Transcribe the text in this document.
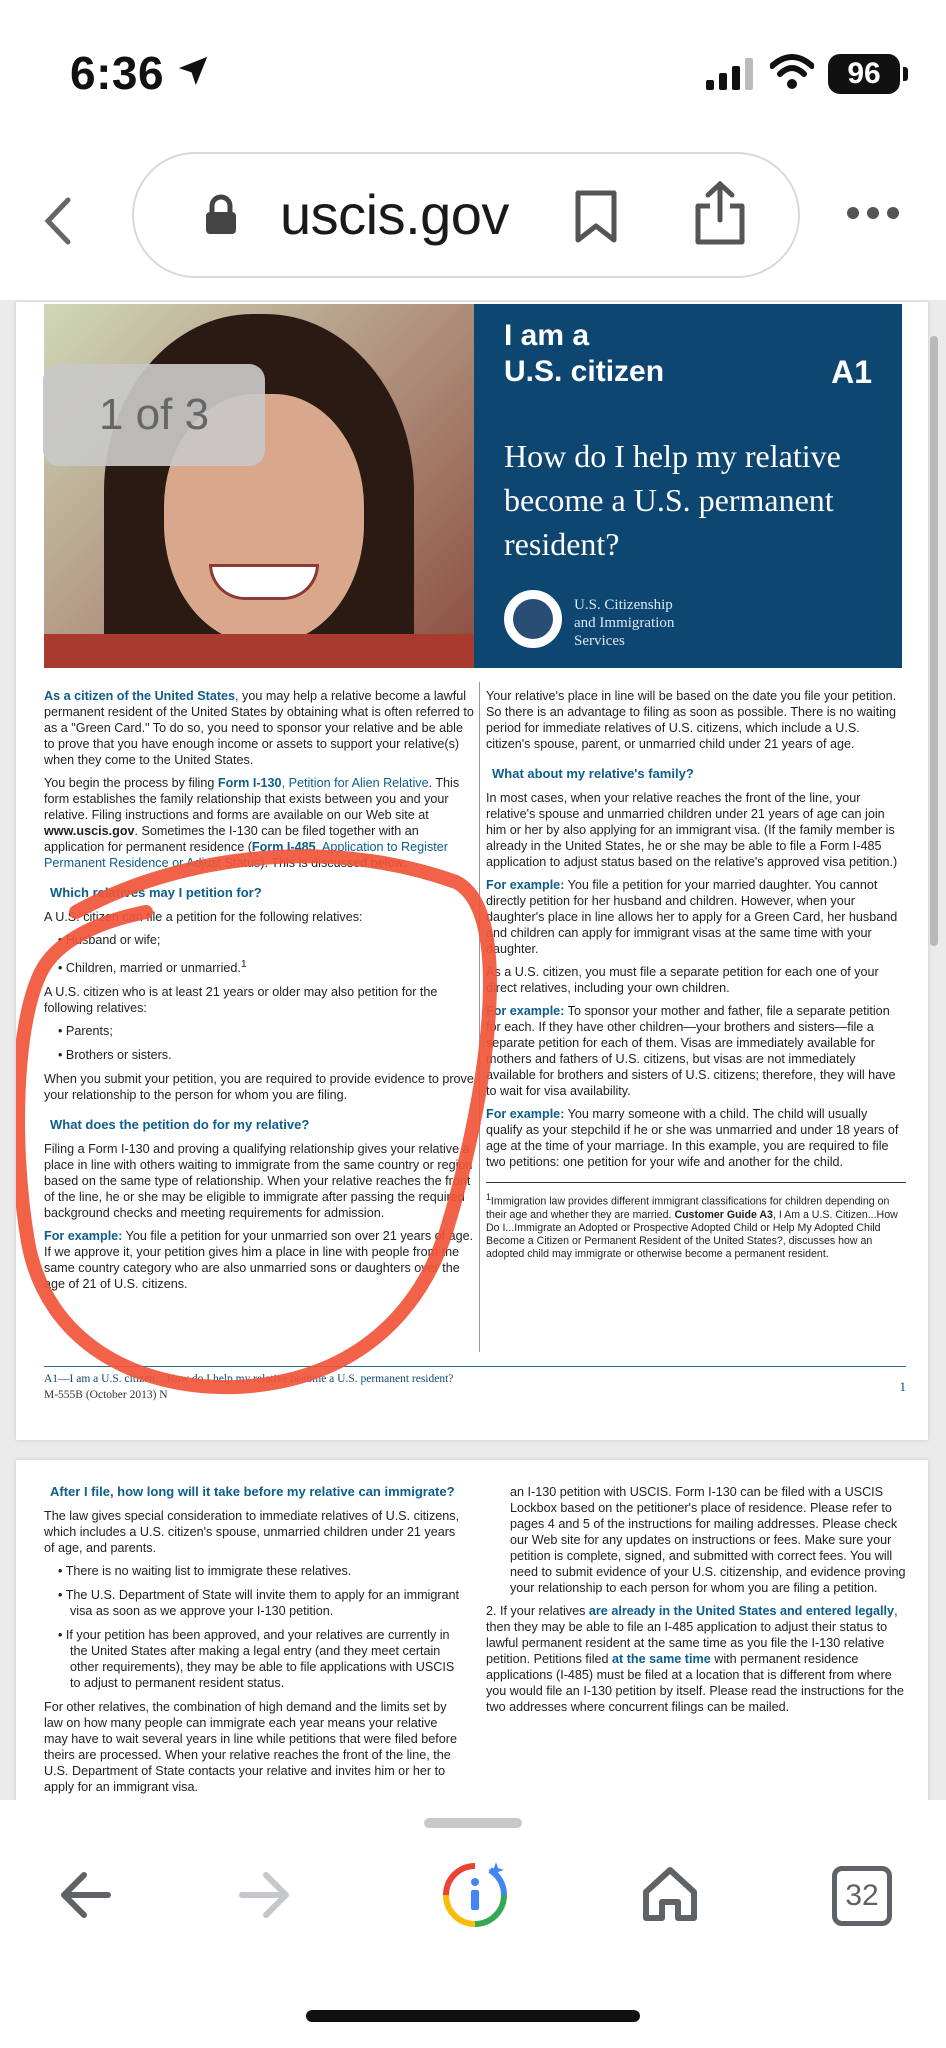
6:36	96
uscis.gov
I am a
U.S. citizen	A1
How do I help my relative become a U.S. permanent resident?
U.S. Citizenship
and Immigration
Services

As a citizen of the United States, you may help a relative become a lawful permanent resident of the United States by obtaining what is often referred to as a "Green Card." To do so, you need to sponsor your relative and be able to prove that you have enough income or assets to support your relative(s) when they come to the United States.

You begin the process by filing Form I-130, Petition for Alien Relative. This form establishes the family relationship that exists between you and your relative. Filing instructions and forms are available on our Web site at www.uscis.gov. Sometimes the I-130 can be filed together with an application for permanent residence (Form I-485, Application to Register Permanent Residence or Adjust Status). This is discussed below.

Which relatives may I petition for?

A U.S. citizen can file a petition for the following relatives:

• Husband or wife;
• Children, married or unmarried.$^1$

A U.S. citizen who is at least 21 years or older may also petition for the following relatives:

• Parents;
• Brothers or sisters.

When you submit your petition, you are required to provide evidence to prove your relationship to the person for whom you are filing.

What does the petition do for my relative?

Filing a Form I-130 and proving a qualifying relationship gives your relative a place in line with others waiting to immigrate from the same country or region based on the same type of relationship. When your relative reaches the front of the line, he or she may be eligible to immigrate after passing the required background checks and meeting requirements for admission.

For example: You file a petition for your unmarried son over 21 years of age. If we approve it, your petition gives him a place in line with people from the same country category who are also unmarried sons or daughters over the age of 21 of U.S. citizens.

Your relative's place in line will be based on the date you file your petition. So there is an advantage to filing as soon as possible. There is no waiting period for immediate relatives of U.S. citizens, which include a U.S. citizen's spouse, parent, or unmarried child under 21 years of age.

What about my relative's family?

In most cases, when your relative reaches the front of the line, your relative's spouse and unmarried children under 21 years of age can join him or her by also applying for an immigrant visa. (If the family member is already in the United States, he or she may be able to file a Form I-485 application to adjust status based on the relative's approved visa petition.)

For example: You file a petition for your married daughter. You cannot directly petition for her husband and children. However, when your daughter's place in line allows her to apply for a Green Card, her husband and children can apply for immigrant visas at the same time with your daughter.

As a U.S. citizen, you must file a separate petition for each one of your direct relatives, including your own children.

For example: To sponsor your mother and father, file a separate petition for each. If they have other children—your brothers and sisters—file a separate petition for each of them. Visas are immediately available for mothers and fathers of U.S. citizens, but visas are not immediately available for brothers and sisters of U.S. citizens; therefore, they will have to wait for visa availability.

For example: You marry someone with a child. The child will usually qualify as your stepchild if he or she was unmarried and under 18 years of age at the time of your marriage. In this example, you are required to file two petitions: one petition for your wife and another for the child.

$^1$Immigration law provides different immigrant classifications for children depending on their age and whether they are married. Customer Guide A3, I Am a U.S. Citizen...How Do I...Immigrate an Adopted or Prospective Adopted Child or Help My Adopted Child Become a Citizen or Permanent Resident of the United States?, discusses how an adopted child may immigrate or otherwise become a permanent resident.
A1—I am a U.S. citizen…How do I help my relative become a U.S. permanent resident?
M-555B (October 2013) N
1
After I file, how long will it take before my relative can immigrate?

The law gives special consideration to immediate relatives of U.S. citizens, which includes a U.S. citizen's spouse, unmarried children under 21 years of age, and parents.

• There is no waiting list to immigrate these relatives.
• The U.S. Department of State will invite them to apply for an immigrant visa as soon as we approve your I-130 petition.
• If your petition has been approved, and your relatives are currently in the United States after making a legal entry (and they meet certain other requirements), they may be able to file applications with USCIS to adjust to permanent resident status.

For other relatives, the combination of high demand and the limits set by law on how many people can immigrate each year means your relative may have to wait several years in line while petitions that were filed before theirs are processed. When your relative reaches the front of the line, the U.S. Department of State contacts your relative and invites him or her to apply for an immigrant visa.

an I-130 petition with USCIS. Form I-130 can be filed with a USCIS Lockbox based on the petitioner's place of residence. Please refer to pages 4 and 5 of the instructions for mailing addresses. Please check our Web site for any updates on instructions or fees. Make sure your petition is complete, signed, and submitted with correct fees. You will need to submit evidence of your U.S. citizenship, and evidence proving your relationship to each person for whom you are filing a petition.

2. If your relatives are already in the United States and entered legally, then they may be able to file an I-485 application to adjust their status to lawful permanent resident at the same time as you file the I-130 relative petition. Petitions filed at the same time with permanent residence applications (I-485) must be filed at a location that is different from where you would file an I-130 petition by itself. Please read the instructions for the two addresses where concurrent filings can be mailed.

1 of 3
32
